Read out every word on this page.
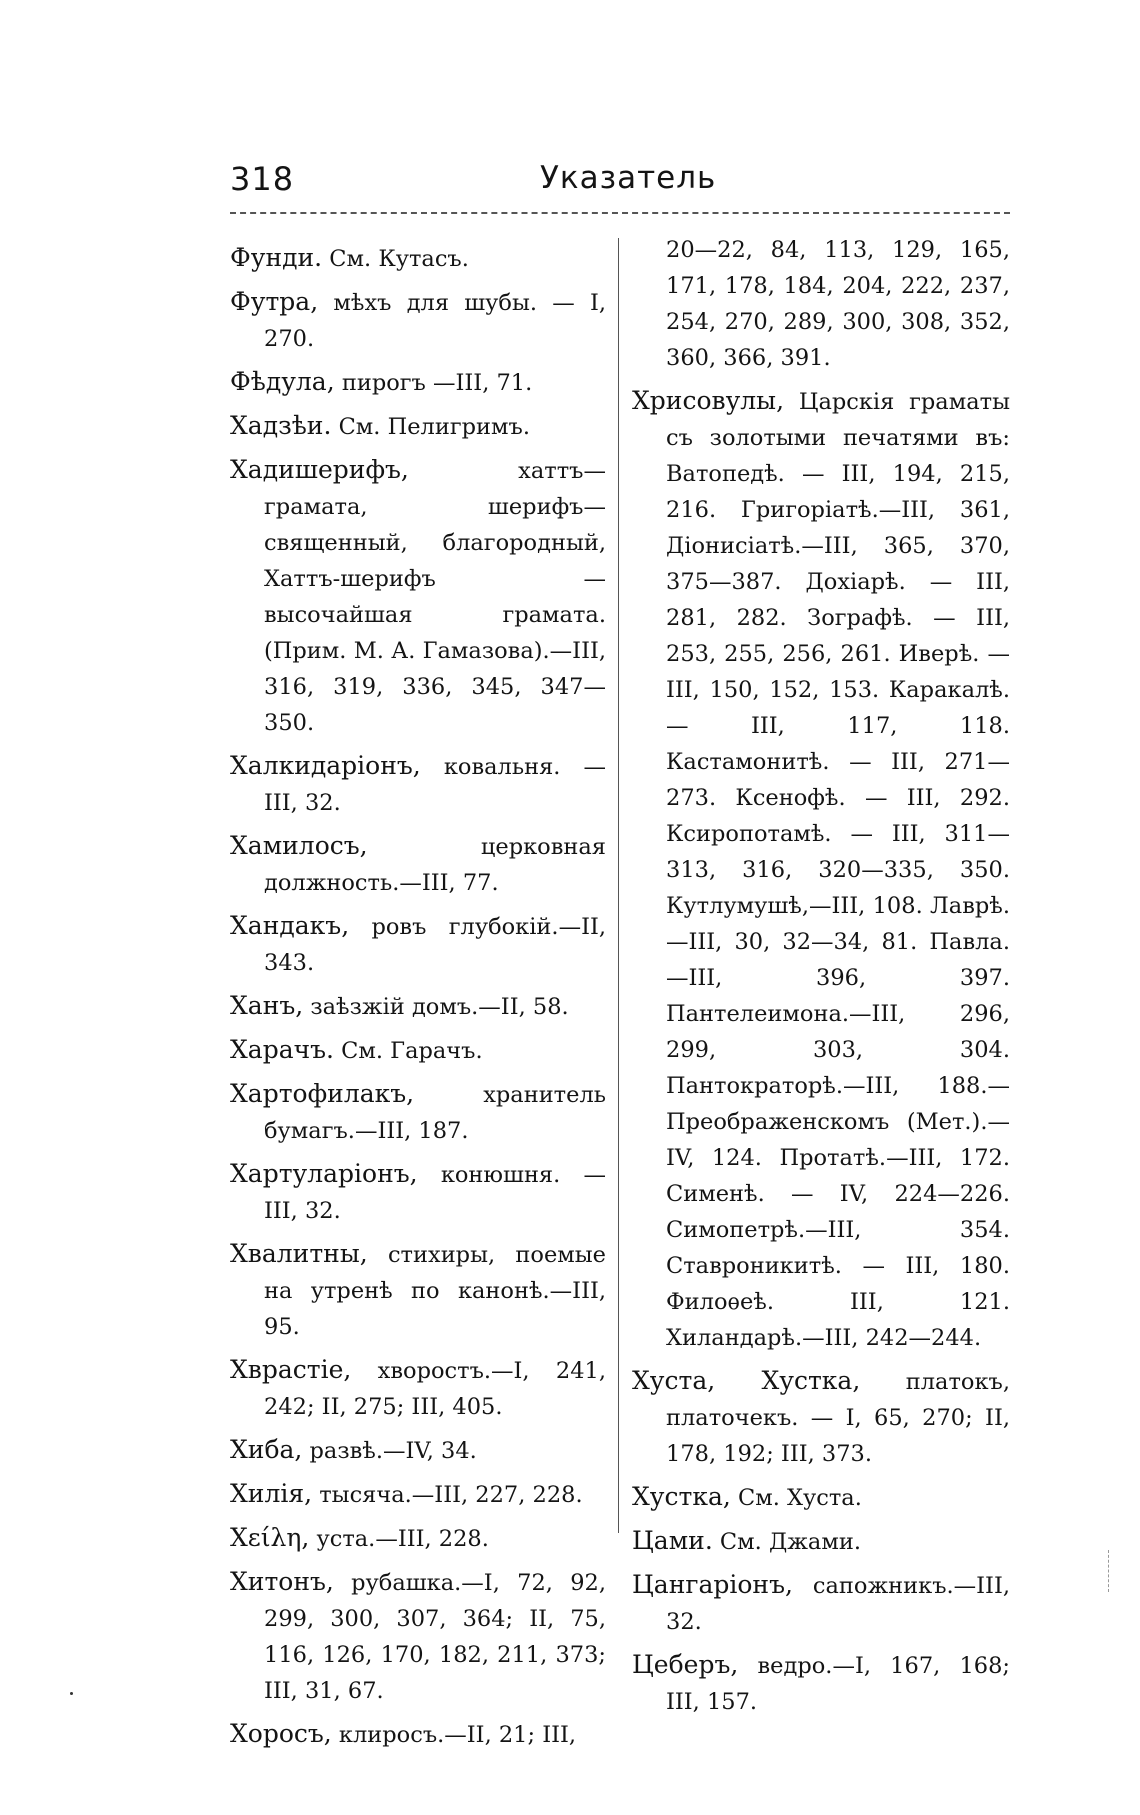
318	Указатель

Фунди. См. Кутасъ.

Футра, мѣхъ для шубы. — I, 270.

Фѣдула, пирогъ —III, 71.

Хадзѣи. См. Пелигримъ.

Хадишерифъ,	хаттъ—грамата, шерифъ—священный, благородный, Хаттъ-шерифъ — высочайшая грамата. (Прим. М. А. Гамазова).—III, 316, 319, 336, 345, 347—350.

Халкидаріонъ, ковальня. — III, 32.

Хамилосъ,	церковная должность.—III, 77.

Хандакъ, ровъ глубокій.—II, 343.

Ханъ, заѣзжій домъ.—II, 58.

Харачъ. См. Гарачъ.

Хартофилакъ,	хранитель бумагъ.—III, 187.

Хартуларіонъ, конюшня. — III, 32.

Хвалитны, стихиры, поемые на утренѣ по канонѣ.—III, 95.

Хврастіе, хворостъ.—I, 241, 242; II, 275; III, 405.

Хиба, развѣ.—IV, 34.

Хилія, тысяча.—III, 227, 228.

Χείλη, уста.—III, 228.

Хитонъ, рубашка.—I, 72, 92, 299, 300, 307, 364; II, 75, 116, 126, 170, 182, 211, 373; III, 31, 67.

Хоросъ, клиросъ.—II, 21; III,

20—22, 84, 113, 129, 165, 171, 178, 184, 204, 222, 237, 254, 270, 289, 300, 308, 352, 360, 366, 391.

Хрисовулы, Царскія граматы съ золотыми печатями въ: Ватопедѣ. — III, 194, 215, 216. Григоріатѣ.—III, 361, Діонисіатѣ.—III, 365, 370, 375—387. Дохіарѣ. — III, 281, 282. Зографѣ. — III, 253, 255, 256, 261. Иверѣ. —III, 150, 152, 153. Каракалѣ. — III, 117, 118. Кастамонитѣ. — III, 271—273. Ксенофѣ. — III, 292. Ксиропотамѣ. — III, 311—313, 316, 320—335, 350. Кутлумушѣ,—III, 108. Лаврѣ.—III, 30, 32—34, 81. Павла.—III, 396, 397. Пантелеимона.—III, 296, 299, 303, 304. Пантократорѣ.—III, 188.—Преображенскомъ (Мет.).—IV, 124. Протатѣ.—III, 172. Сименѣ. — IV, 224—226. Симопетрѣ.—III, 354. Ставроникитѣ. — III, 180. Филоѳеѣ. III, 121. Хиландарѣ.—III, 242—244.

Хуста, Хустка, платокъ, платочекъ. — I, 65, 270; II, 178, 192; III, 373.

Хустка, См. Хуста.

Цами. См. Джами.

Цангаріонъ, сапожникъ.—III, 32.

Цеберъ, ведро.—I, 167, 168; III, 157.
